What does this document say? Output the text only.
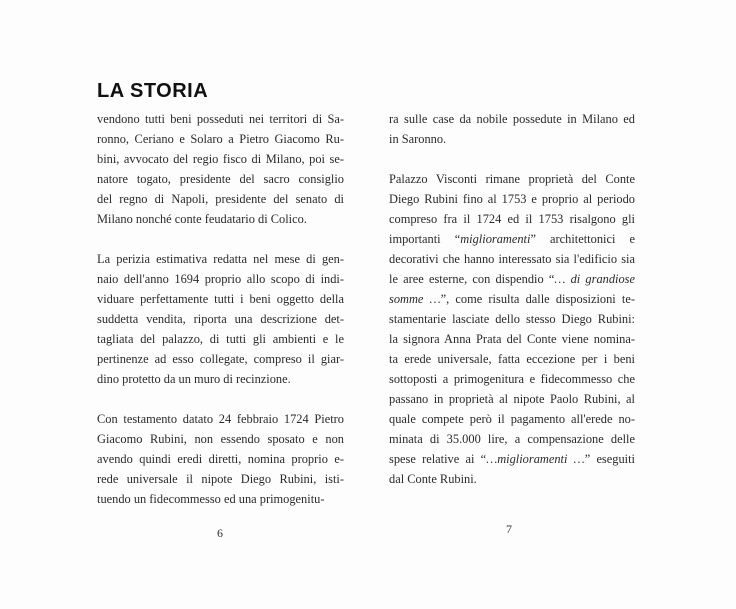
LA STORIA
vendono tutti beni posseduti nei territori di Sa-
ronno, Ceriano e Solaro a Pietro Giacomo Ru-
bini, avvocato del regio fisco di Milano, poi se-
natore togato, presidente del sacro consiglio
del regno di Napoli, presidente del senato di
Milano nonché conte feudatario di Colico.
La perizia estimativa redatta nel mese di gen-
naio dell'anno 1694 proprio allo scopo di indi-
viduare perfettamente tutti i beni oggetto della
suddetta vendita, riporta una descrizione det-
tagliata del palazzo, di tutti gli ambienti e le
pertinenze ad esso collegate, compreso il giar-
dino protetto da un muro di recinzione.
Con testamento datato 24 febbraio 1724 Pietro
Giacomo Rubini, non essendo sposato e non
avendo quindi eredi diretti, nomina proprio e-
rede universale il nipote Diego Rubini, isti-
tuendo un fidecommesso ed una primogenitu-
ra sulle case da nobile possedute in Milano ed
in Saronno.
Palazzo Visconti rimane proprietà del Conte
Diego Rubini fino al 1753 e proprio al periodo
compreso fra il 1724 ed il 1753 risalgono gli
importanti “miglioramenti” architettonici e
decorativi che hanno interessato sia l'edificio sia
le aree esterne, con dispendio “… di grandiose
somme …”, come risulta dalle disposizioni te-
stamentarie lasciate dello stesso Diego Rubini:
la signora Anna Prata del Conte viene nomina-
ta erede universale, fatta eccezione per i beni
sottoposti a primogenitura e fidecommesso che
passano in proprietà al nipote Paolo Rubini, al
quale compete però il pagamento all'erede no-
minata di 35.000 lire, a compensazione delle
spese relative ai “…miglioramenti …” eseguiti
dal Conte Rubini.
6	7
